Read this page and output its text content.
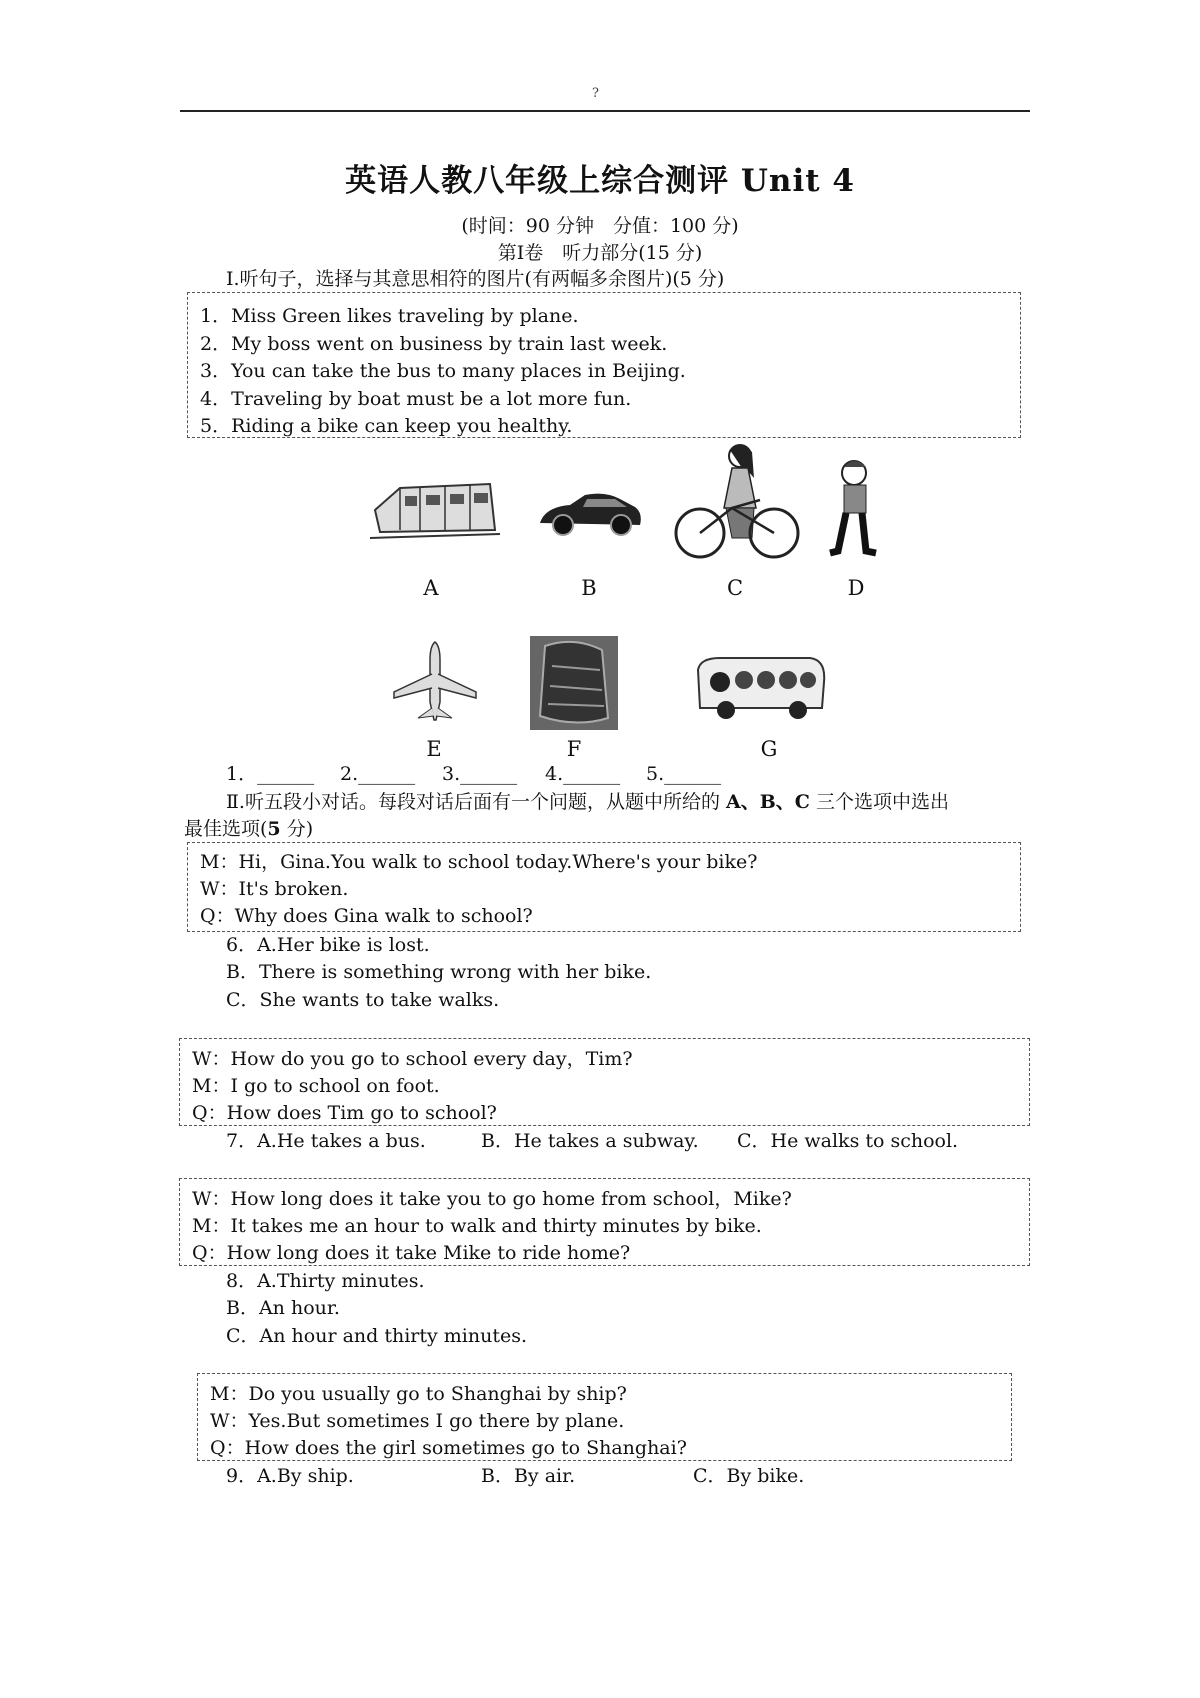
?
英语人教八年级上综合测评 Unit 4
(时间：90 分钟　分值：100 分)
第Ⅰ卷　听力部分(15 分)
Ⅰ.听句子，选择与其意思相符的图片(有两幅多余图片)(5 分)
1．Miss Green likes traveling by plane.
2．My boss went on business by train last week.
3．You can take the bus to many places in Beijing.
4．Traveling by boat must be a lot more fun.
5．Riding a bike can keep you healthy.
A	B	C	D
E	F	G
1．______ 2.______ 3.______ 4.______ 5.______
Ⅱ.听五段小对话。每段对话后面有一个问题，从题中所给的 A、B、C 三个选项中选出
最佳选项(5 分)
M：Hi，Gina.You walk to school today.Where's your bike?
W：It's broken.
Q：Why does Gina walk to school?
6．A.Her bike is lost.
B．There is something wrong with her bike.
C．She wants to take walks.
W：How do you go to school every day，Tim?
M：I go to school on foot.
Q：How does Tim go to school?
7．A.He takes a bus.	B．He takes a subway. C．He walks to school.
W：How long does it take you to go home from school，Mike?
M：It takes me an hour to walk and thirty minutes by bike.
Q：How long does it take Mike to ride home?
8．A.Thirty minutes.
B．An hour.
C．An hour and thirty minutes.
M：Do you usually go to Shanghai by ship?
W：Yes.But sometimes I go there by plane.
Q：How does the girl sometimes go to Shanghai?
9．A.By ship.	B．By air.	C．By bike.
